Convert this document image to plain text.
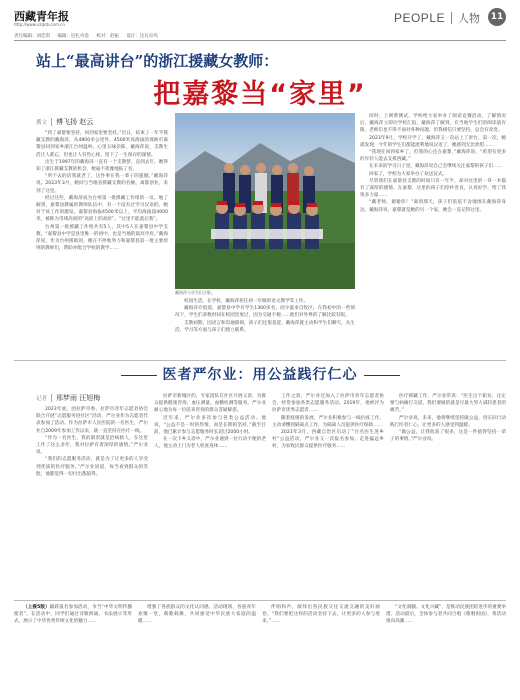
西藏青年报
http://www.xzqnb.com.cn
责任编辑：刘佳琪 编辑：尼扎央金 校对：赵振 设计：达瓦卓玛
PEOPLE 人物	11
站上“最高讲台”的浙江援藏女教师：
把嘉黎当“家里”
撰文	傅飞扬 赵云

“到了嘉黎要坚持，回到家里要坚持。”近日，结束了一年半援藏支教的戴海萍，从4800多公里外、4500米高海拔的那曲市嘉黎县回到家乡浙江台州温岭。心里五味杂陈，戴海萍说，支教生活让人难忘，但也让人有些心疼，留下了一生保存的深情。

出生于1997年的戴海萍一直有一个支教梦。直到去年，她得知了浙江援藏支教的机会，便毫不犹豫地报了名。

“所不去的话我就老了，这件事在我一辈子的遗憾。”戴海萍说。2023年3月，她同与当地省援藏支教的名额，离都创业，来到了这里。

经过这些，戴海萍成为台州第一批援藏工作组的一员。地了解到，嘉黎县教属的教师队伍中，有一个没有过学习汉语的，她对于该工作的激发。嘉黎县海拔4500米以上，平均海拔超4000米，被称为雪域高原的“高原上的高原”。“这里不能落后我”。

台州第一批援藏工作组共有5人，其中5人在嘉黎县中学支教。“嘉黎县中学是县里唯一的初中，也是当地的最高学府。”戴海萍说，作为台州援助的，她在不停地努力和嘉黎县第一批主要原则的教师们，帮助并配合学校的教学……

戴海萍与学生们合影。

校园生活。在学校，戴海萍担任初一年级的语文教学等工作。

戴海萍介绍道，嘉黎县中学有学生1300多名，而少量来自牧区。在我初中的一些情况下，学生们多数时间在校园里度过，因为交通不便……他们对外界的了解比较有限。

支教初期，因语言和沟通障碍，孩子们还很羞涩，戴海萍就主动和学生们聊天，从生活、学习等方面与孩子们建立联系。

同时，上网费测试，学校给大家举办了阅读竞赛活动，了解情况后，戴海萍立即向学校汇报，戴海萍了解到，在当地学生们的阅读量有限，老师们也不得不面对各种问题，但我相信只要坚持，总会有改变。

2023年9月，学校开学了，戴海萍又一次站上了讲台，第一次，她就发现，今年的学生们都能流利地说汉语了，她感到无比欣慰……

“我现在回到家乡了，但我的心还在嘉黎，”戴海萍说，“希望有更多的年轻人能去支援西藏。”

在未来的学习日子里，戴海萍说自己会继续关注嘉黎的孩子们……

回家了，学校为大家举办了欢送仪式。

尽管我们在嘉黎县支教的时间只有一年半，却对这里的一草一木都有了深厚的感情。在嘉黎，这里的孩子们淳朴善良，认真好学，给了我很多力量……

“戴老师，谢谢你！”离别那天，孩子们依依不舍地围在戴海萍身边。戴海萍说，嘉黎就是她的另一个家，她会一直记得这里。

医者严尔业：用公益践行仁心
记者	邢梦雨 汪旭梅

2023年底，团拉萨市委、拉萨市青年志愿者协会联合开展“志愿服务进社区”活动，严尔业作为志愿者代表参加了活动。作为拉萨市人民医院的一名医生，严尔业自2009年参加工作以来，就一直坚持在医疗一线。

“作为一名医生，我的职责就是治病救人，在这里工作了这么多年，我对拉萨有着深厚的感情。”严尔业说。

“我们的志愿服务活动，就是为了让更多的人享受到优质的医疗服务。”严尔业说道，每当看到群众的笑脸，他都觉得一切付出都值得。

拉萨市新城区的，专家团队在社区开展义诊，为群众提供健康咨询、血压测量、血糖检测等服务。严尔业耐心地为每一位前来咨询的群众答疑解惑。

近年来，严尔业多次参与各类公益活动。他说，“公益不是一时的热情，而是长期的坚持。”截至目前，他已累计参与志愿服务时长超过2000小时。

在一次下乡义诊中，严尔业遇到一位行动不便的老人，他主动上门为老人检查身体……

工作之余，严尔业还加入了拉萨市青年志愿者协会，经常参加各类志愿服务活动。2019年，他被评为拉萨市优秀志愿者……

随着疫情的发展，严尔业积极参与一线抗疫工作，主动请缨到隔离点工作，为隔离人员提供医疗保障……

2023年3月，西藏自治区启动了“百名医生进乡村”公益活动，严尔业又一次报名参加，走进偏远乡村，为农牧民群众提供医疗服务……

医疗援藏工作，严尔业常说：“医生这个职业，注定要与病痛打交道，我们要做的就是尽最大努力减轻患者的痛苦。”

严尔业说，未来，他将继续坚持做公益，用实际行动践行医者仁心，让更多的人感受到温暖。

“做公益，让我收获了很多，这是一件值得坚持一辈子的事情。”严尔业说。

（上接5版）踊跃报名参加活动，争当“中华文明传播使者”。在活动中，同学们通过诗歌朗诵、书法展示等形式，展示了中华优秀传统文化的魅力……

增强了各族群众的文化认同感。活动现场，各族青年欢聚一堂，载歌载舞，共同感受中华民族大家庭的温暖……

伴唱和声，演绎出各民族交往交流交融的美好画卷。“我们要把这样的活动坚持下去，让更多的人参与进来。”……

“文化润疆、文化兴藏”，是推动民族团结进步的重要举措。活动最后，全体参与者共同合唱《歌唱祖国》，将活动推向高潮……
